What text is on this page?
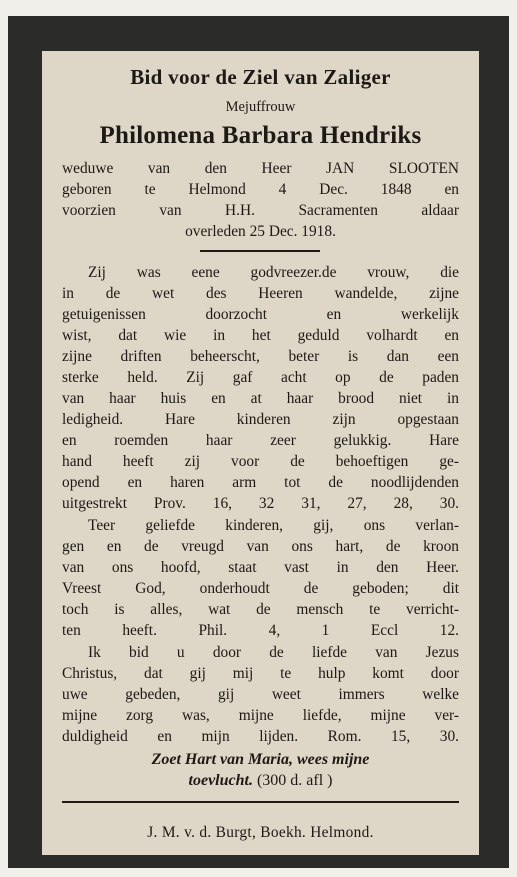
Bid voor de Ziel van Zaliger
Mejuffrouw
Philomena Barbara Hendriks
weduwe van den Heer JAN SLOOTEN
geboren te Helmond 4 Dec. 1848 en
voorzien van H.H. Sacramenten aldaar
overleden 25 Dec. 1918.
Zij was eene godvreezer.de vrouw, die
in de wet des Heeren wandelde, zijne
getuigenissen doorzocht en werkelijk
wist, dat wie in het geduld volhardt en
zijne driften beheerscht, beter is dan een
sterke held. Zij gaf acht op de paden
van haar huis en at haar brood niet in
ledigheid. Hare kinderen zijn opgestaan
en roemden haar zeer gelukkig. Hare
hand heeft zij voor de behoeftigen ge-
opend en haren arm tot de noodlijdenden
uitgestrekt Prov. 16, 32 31, 27, 28, 30.
Teer geliefde kinderen, gij, ons verlan-
gen en de vreugd van ons hart, de kroon
van ons hoofd, staat vast in den Heer.
Vreest God, onderhoudt de geboden; dit
toch is alles, wat de mensch te verricht-
ten heeft. Phil. 4, 1 Eccl 12.
Ik bid u door de liefde van Jezus
Christus, dat gij mij te hulp komt door
uwe gebeden, gij weet immers welke
mijne zorg was, mijne liefde, mijne ver-
duldigheid en mijn lijden. Rom. 15, 30.
Zoet Hart van Maria, wees mijne
toevlucht. (300 d. afl )
J. M. v. d. Burgt, Boekh. Helmond.
